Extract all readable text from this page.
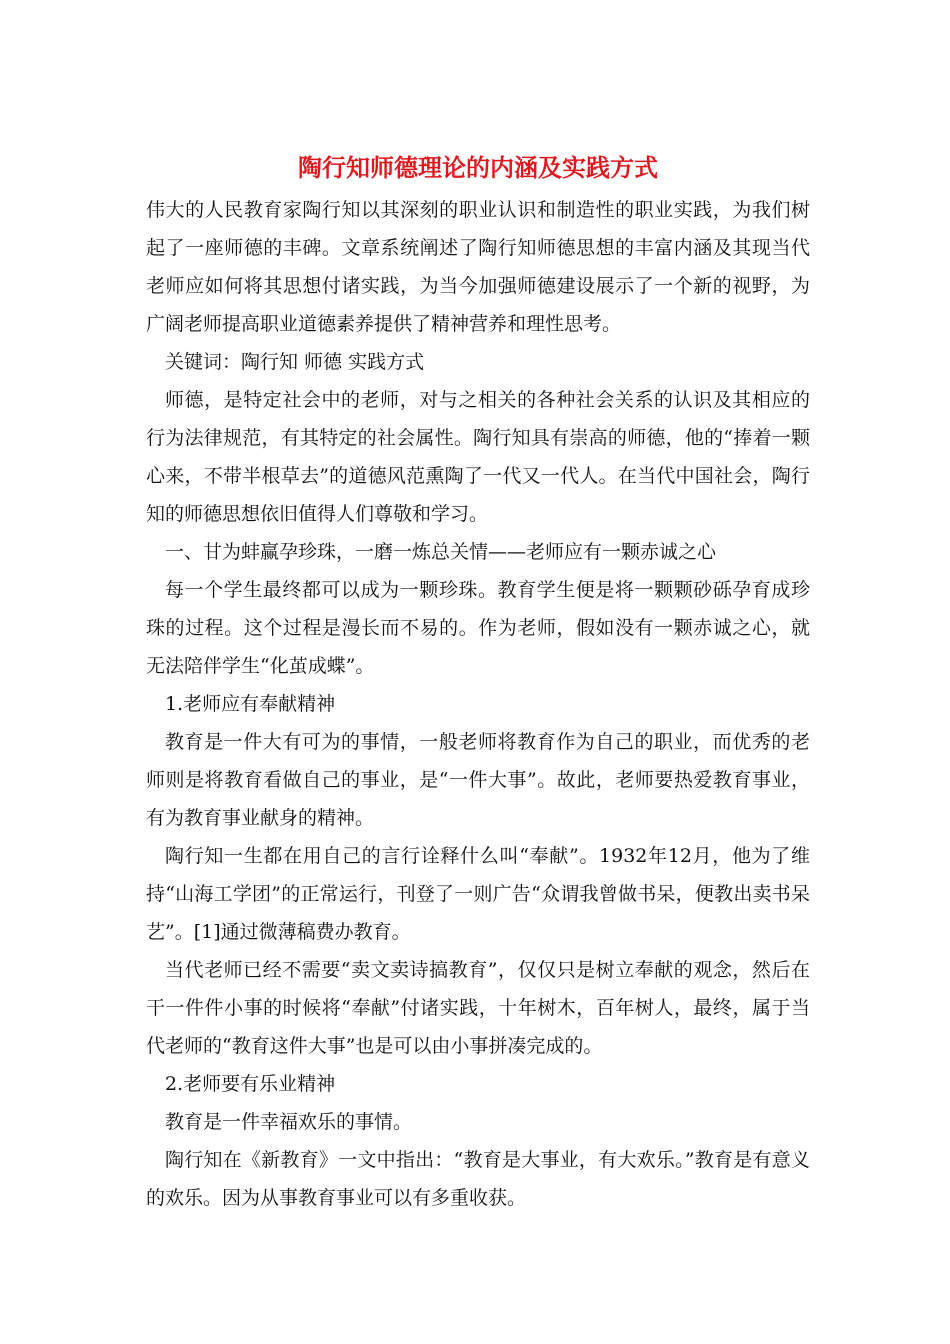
陶行知师德理论的内涵及实践方式

伟大的人民教育家陶行知以其深刻的职业认识和制造性的职业实践，为我们树起了一座师德的丰碑。文章系统阐述了陶行知师德思想的丰富内涵及其现当代老师应如何将其思想付诸实践，为当今加强师德建设展示了一个新的视野，为广阔老师提高职业道德素养提供了精神营养和理性思考。

关键词：陶行知 师德 实践方式

师德，是特定社会中的老师，对与之相关的各种社会关系的认识及其相应的行为法律规范，有其特定的社会属性。陶行知具有崇高的师德，他的“捧着一颗心来，不带半根草去”的道德风范熏陶了一代又一代人。在当代中国社会，陶行知的师德思想依旧值得人们尊敬和学习。

一、甘为蚌赢孕珍珠，一磨一炼总关情——老师应有一颗赤诚之心

每一个学生最终都可以成为一颗珍珠。教育学生便是将一颗颗砂砾孕育成珍珠的过程。这个过程是漫长而不易的。作为老师，假如没有一颗赤诚之心，就无法陪伴学生“化茧成蝶”。

1.老师应有奉献精神

教育是一件大有可为的事情，一般老师将教育作为自己的职业，而优秀的老师则是将教育看做自己的事业，是“一件大事”。故此，老师要热爱教育事业，有为教育事业献身的精神。

陶行知一生都在用自己的言行诠释什么叫“奉献”。1932年12月，他为了维持“山海工学团”的正常运行，刊登了一则广告“众谓我曾做书呆，便教出卖书呆艺”。[1]通过微薄稿费办教育。

当代老师已经不需要“卖文卖诗搞教育”，仅仅只是树立奉献的观念，然后在干一件件小事的时候将“奉献”付诸实践，十年树木，百年树人，最终，属于当代老师的“教育这件大事”也是可以由小事拼凑完成的。

2.老师要有乐业精神

教育是一件幸福欢乐的事情。

陶行知在《新教育》一文中指出：“教育是大事业，有大欢乐。”教育是有意义的欢乐。因为从事教育事业可以有多重收获。
